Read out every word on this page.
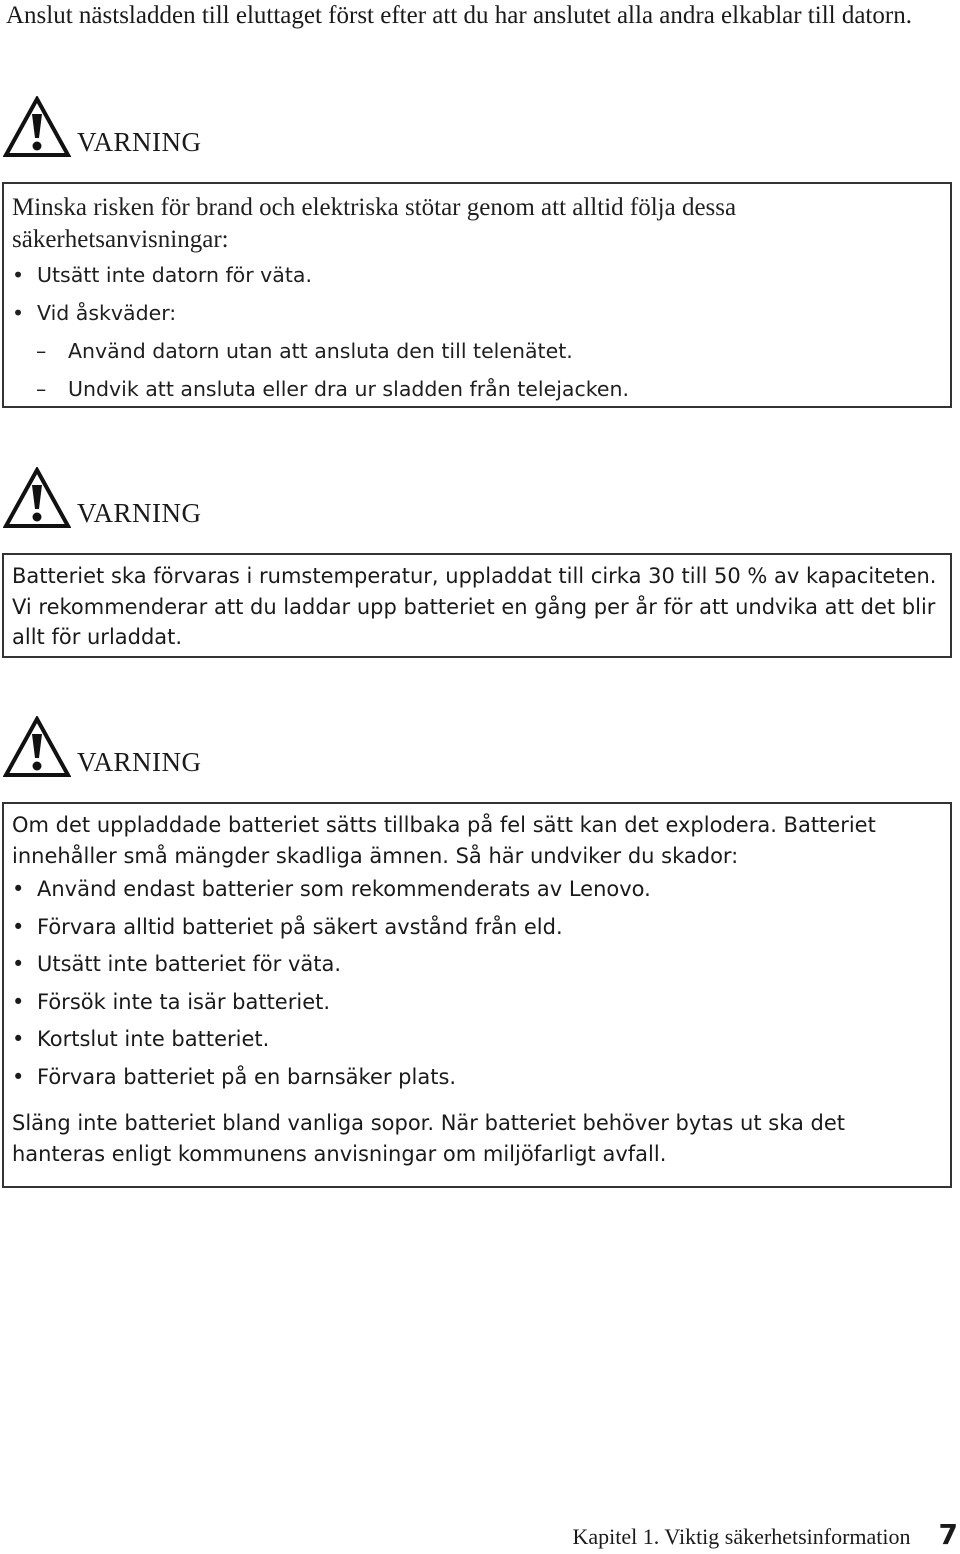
Anslut nästsladden till eluttaget först efter att du har anslutet alla andra elkablar till datorn.

VARNING

Minska risken för brand och elektriska stötar genom att alltid följa dessa säkerhetsanvisningar:

• Utsätt inte datorn för väta.
• Vid åskväder:
– Använd datorn utan att ansluta den till telenätet.
– Undvik att ansluta eller dra ur sladden från telejacken.
VARNING

Batteriet ska förvaras i rumstemperatur, uppladdat till cirka 30 till 50 % av kapaciteten. Vi rekommenderar att du laddar upp batteriet en gång per år för att undvika att det blir allt för urladdat.

VARNING

Om det uppladdade batteriet sätts tillbaka på fel sätt kan det explodera. Batteriet innehåller små mängder skadliga ämnen. Så här undviker du skador:

• Använd endast batterier som rekommenderats av Lenovo.
• Förvara alltid batteriet på säkert avstånd från eld.
• Utsätt inte batteriet för väta.
• Försök inte ta isär batteriet.
• Kortslut inte batteriet.
• Förvara batteriet på en barnsäker plats.

Släng inte batteriet bland vanliga sopor. När batteriet behöver bytas ut ska det hanteras enligt kommunens anvisningar om miljöfarligt avfall.

Kapitel 1. Viktig säkerhetsinformation 7
